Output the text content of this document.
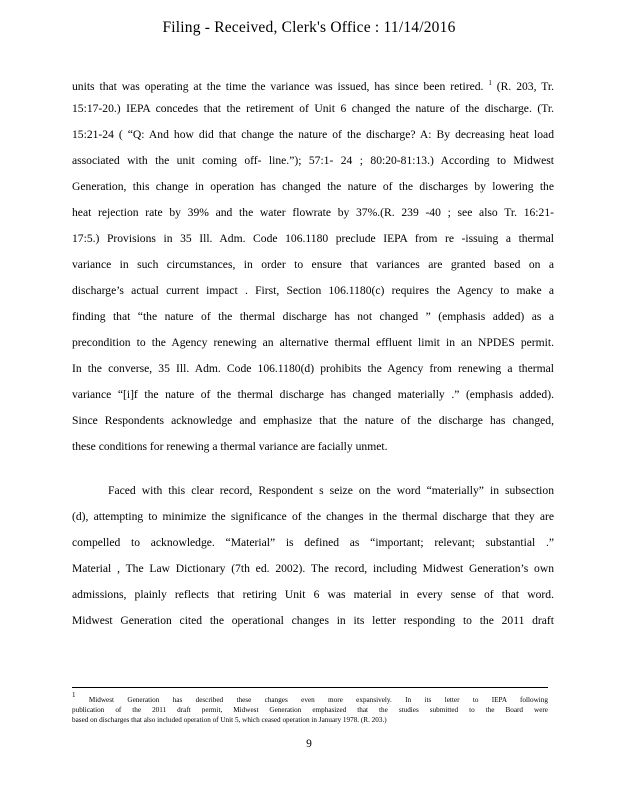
Filing - Received, Clerk's Office : 11/14/2016
units that was operating at the time the variance was issued, has since been retired. $^1$ (R. 203, Tr.
15:17-20.) IEPA concedes that the retirement of Unit 6 changed the nature of the discharge. (Tr.
15:21-24 ( “Q: And how did that change the nature of the discharge? A: By decreasing heat load
associated with the unit coming off- line.”); 57:1- 24 ; 80:20-81:13.) According to Midwest
Generation, this change in operation has changed the nature of the discharges by lowering the
heat rejection rate by 39% and the water flowrate by 37%.(R. 239 -40 ; see also Tr. 16:21-
17:5.) Provisions in 35 Ill. Adm. Code 106.1180 preclude IEPA from re -issuing a thermal
variance in such circumstances, in order to ensure that variances are granted based on a
discharge’s actual current impact . First, Section 106.1180(c) requires the Agency to make a
finding that “the nature of the thermal discharge has not changed ” (emphasis added) as a
precondition to the Agency renewing an alternative thermal effluent limit in an NPDES permit.
In the converse, 35 Ill. Adm. Code 106.1180(d) prohibits the Agency from renewing a thermal
variance “[i]f the nature of the thermal discharge has changed materially .” (emphasis added).
Since Respondents acknowledge and emphasize that the nature of the discharge has changed,
these conditions for renewing a thermal variance are facially unmet.
Faced with this clear record, Respondent s seize on the word “materially” in subsection
(d), attempting to minimize the significance of the changes in the thermal discharge that they are
compelled to acknowledge. “Material” is defined as “important; relevant; substantial .”
Material , The Law Dictionary (7th ed. 2002). The record, including Midwest Generation’s own
admissions, plainly reflects that retiring Unit 6 was material in every sense of that word.
Midwest Generation cited the operational changes in its letter responding to the 2011 draft
$^1$ Midwest Generation has described these changes even more expansively. In its letter to IEPA following
publication of the 2011 draft permit, Midwest Generation emphasized that the studies submitted to the Board were
based on discharges that also included operation of Unit 5, which ceased operation in January 1978. (R. 203.)
9
